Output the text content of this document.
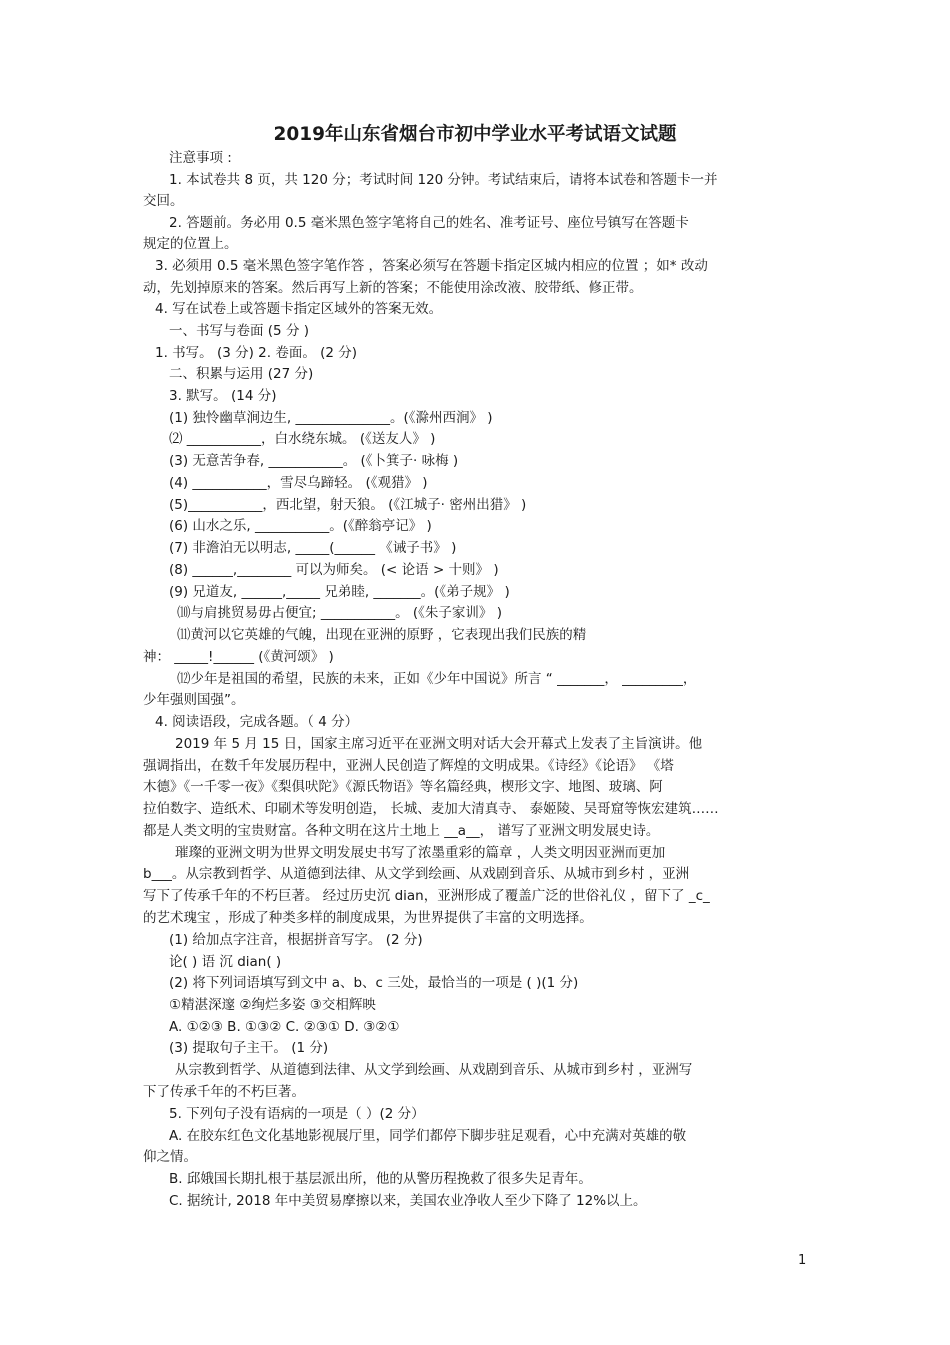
2019年山东省烟台市初中学业水平考试语文试题
注意事项 :
1. 本试卷共 8 页，共 120 分；考试时间 120 分钟。考试结束后，请将本试卷和答题卡一并
交回。
2. 答题前。务必用 0.5 毫米黑色签字笔将自己的姓名、准考证号、座位号镇写在答题卡
规定的位置上。
3. 必须用 0.5 毫米黑色签字笔作答 ，答案必须写在答题卡指定区城内相应的位置 ；如* 改动
动，先划掉原来的答案。然后再写上新的答案；不能使用涂改液、胶带纸、修正带。
4. 写在试卷上或答题卡指定区域外的答案无效。
一、书写与卷面 (5 分 )
1. 书写。 (3 分) 2. 卷面。 (2 分)
二、积累与运用 (27 分)
3. 默写。 (14 分)
(1) 独怜幽草涧边生, ______________。(《滁州西涧》 )
⑵ ___________，白水绕东城。 (《送友人》 )
(3) 无意苦争春, ___________。 (《卜箕子· 咏梅 )
(4) ___________，雪尽乌蹄轻。 (《观猎》 )
(5)___________，西北望，射天狼。 (《江城子· 密州出猎》 )
(6) 山水之乐, ___________。(《醉翁亭记》 )
(7) 非澹泊无以明志, _____(______ 《诫子书》 )
(8) ______,________ 可以为师矣。 (< 论语 > 十则》 )
(9) 兄道友, ______,_____ 兄弟睦, _______。(《弟子规》 )
⑽与肩挑贸易毋占便宜; ___________。 (《朱子家训》 )
⑾黄河以它英雄的气魄，出现在亚洲的原野 ，它表现出我们民族的精
神： _____!______ (《黄河颂》 )
⑿少年是祖国的希望，民族的未来，正如《少年中国说》所言 “ _______， _________，
少年强则国强”。
4. 阅读语段，完成各题。（ 4 分）
2019 年 5 月 15 日，国家主席习近平在亚洲文明对话大会开幕式上发表了主旨演讲。他
强调指出，在数千年发展历程中，亚洲人民创造了辉煌的文明成果。《诗经》《论语》 《塔
木德》《一千零一夜》《梨俱吠陀》《源氏物语》等名篇经典，楔形文字、地图、玻璃、阿
拉伯数字、造纸术、印刷术等发明创造， 长城、麦加大清真寺、 泰姬陵、吴哥窟等恢宏建筑……
都是人类文明的宝贵财富。各种文明在这片土地上 __a__， 谱写了亚洲文明发展史诗。
璀璨的亚洲文明为世界文明发展史书写了浓墨重彩的篇章 ，人类文明因亚洲而更加
b___。从宗教到哲学、从道德到法律、从文学到绘画、从戏剧到音乐、从城市到乡村 ，亚洲
写下了传承千年的不朽巨著。 经过历史沉 dian，亚洲形成了覆盖广泛的世俗礼仪 ，留下了 _c_
的艺术瑰宝 ，形成了种类多样的制度成果，为世界提供了丰富的文明选择。
(1) 给加点字注音，根据拼音写字。 (2 分)
论( ) 语 沉 dian( )
(2) 将下列词语填写到文中 a、b、c 三处，最恰当的一项是 ( )(1 分)
①精湛深邃 ②绚烂多姿 ③交相辉映
A. ①②③ B. ①③② C. ②③① D. ③②①
(3) 提取句子主干。 (1 分)
从宗教到哲学、从道德到法律、从文学到绘画、从戏剧到音乐、从城市到乡村 ，亚洲写
下了传承千年的不朽巨著。
5. 下列句子没有语病的一项是（ ）(2 分）
A. 在胶东红色文化基地影视展厅里，同学们都停下脚步驻足观看，心中充满对英雄的敬
仰之情。
B. 邱娥国长期扎根于基层派出所，他的从警历程挽救了很多失足青年。
C. 据统计, 2018 年中美贸易摩擦以来，美国农业净收人至少下降了 12%以上。
1
